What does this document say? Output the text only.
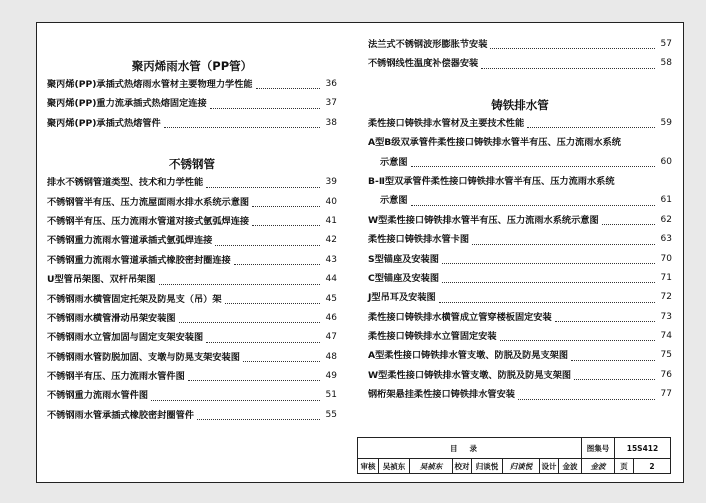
聚丙烯雨水管（PP管）
聚丙烯(PP)承插式热熔雨水管材主要物理力学性能	36
聚丙烯(PP)重力流承插式热熔固定连接	37
聚丙烯(PP)承插式热熔管件	38
不锈钢管
排水不锈钢管道类型、技术和力学性能	39
不锈钢管半有压、压力流屋面雨水排水系统示意图	40
不锈钢半有压、压力流雨水管道对接式氩弧焊连接	41
不锈钢重力流雨水管道承插式氩弧焊连接	42
不锈钢重力流雨水管道承插式橡胶密封圈连接	43
U型管吊架图、双杆吊架图	44
不锈钢雨水横管固定托架及防晃支（吊）架	45
不锈钢雨水横管滑动吊架安装图	46
不锈钢雨水立管加固与固定支架安装图	47
不锈钢雨水管防脱加固、支墩与防晃支架安装图	48
不锈钢半有压、压力流雨水管件图	49
不锈钢重力流雨水管件图	51
不锈钢雨水管承插式橡胶密封圈管件	55
法兰式不锈钢波形膨胀节安装	57
不锈钢线性温度补偿器安装	58
铸铁排水管
柔性接口铸铁排水管材及主要技术性能	59
A型B级双承管件柔性接口铸铁排水管半有压、压力流雨水系统
示意图	60
B-Ⅱ型双承管件柔性接口铸铁排水管半有压、压力流雨水系统
示意图	61
W型柔性接口铸铁排水管半有压、压力流雨水系统示意图	62
柔性接口铸铁排水管卡图	63
S型锚座及安装图	70
C型锚座及安装图	71
J型吊耳及安装图	72
柔性接口铸铁排水横管成立管穿楼板固定安装	73
柔性接口铸铁排水立管固定安装	74
A型柔性接口铸铁排水管支墩、防脱及防晃支架图	75
W型柔性接口铸铁排水管支墩、防脱及防晃支架图	76
钢桁架悬挂柔性接口铸铁排水管安装	77
目录								图集号	15S412	
审核	吴祯东	吴祯东	校对	归谈悦	归谈悦	设计	金波	金波	页	2
